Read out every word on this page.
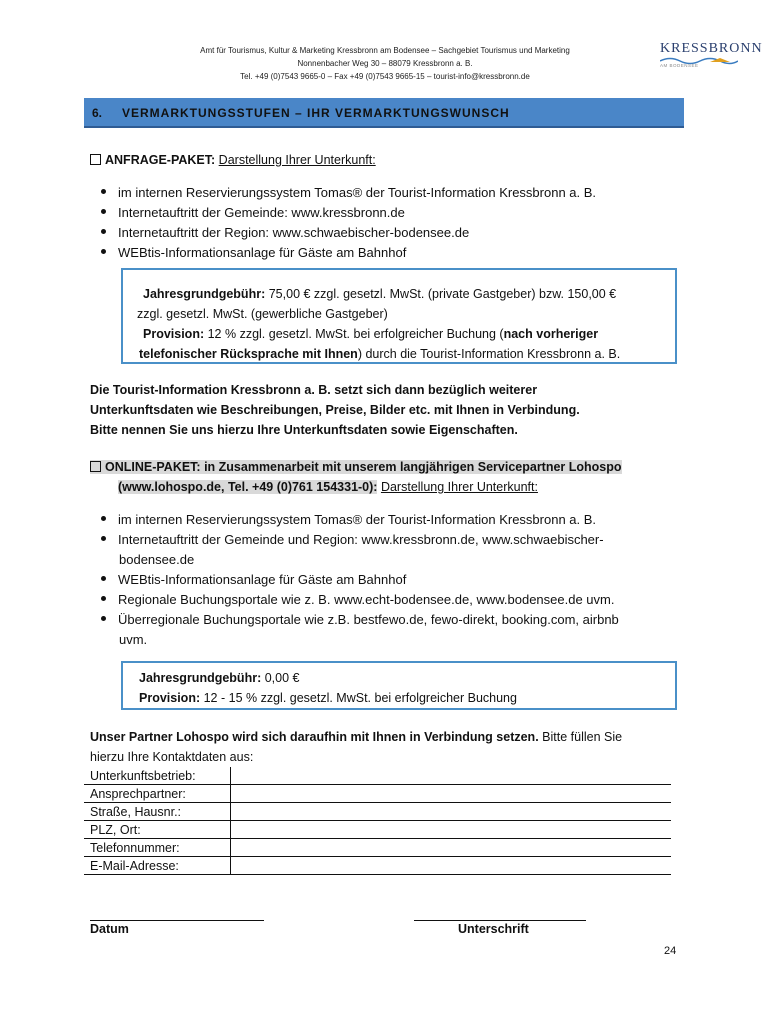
Amt für Tourismus, Kultur & Marketing Kressbronn am Bodensee – Sachgebiet Tourismus und Marketing
Nonnenbacher Weg 30 – 88079 Kressbronn a. B.
Tel. +49 (0)7543 9665-0 – Fax +49 (0)7543 9665-15 – tourist-info@kressbronn.de
KRESSBRONN
AM BODENSEE
6. VERMARKTUNGSSTUFEN – IHR VERMARKTUNGSWUNSCH
ANFRAGE-PAKET: Darstellung Ihrer Unterkunft:
im internen Reservierungssystem Tomas® der Tourist-Information Kressbronn a. B.
Internetauftritt der Gemeinde: www.kressbronn.de
Internetauftritt der Region: www.schwaebischer-bodensee.de
WEBtis-Informationsanlage für Gäste am Bahnhof
Jahresgrundgebühr: 75,00 € zzgl. gesetzl. MwSt. (private Gastgeber) bzw. 150,00 €
zzgl. gesetzl. MwSt. (gewerbliche Gastgeber)
Provision: 12 % zzgl. gesetzl. MwSt. bei erfolgreicher Buchung (nach vorheriger
telefonischer Rücksprache mit Ihnen) durch die Tourist-Information Kressbronn a. B.
Die Tourist-Information Kressbronn a. B. setzt sich dann bezüglich weiterer
Unterkunftsdaten wie Beschreibungen, Preise, Bilder etc. mit Ihnen in Verbindung.
Bitte nennen Sie uns hierzu Ihre Unterkunftsdaten sowie Eigenschaften.
ONLINE-PAKET: in Zusammenarbeit mit unserem langjährigen Servicepartner Lohospo
(www.lohospo.de, Tel. +49 (0)761 154331-0): Darstellung Ihrer Unterkunft:
im internen Reservierungssystem Tomas® der Tourist-Information Kressbronn a. B.
Internetauftritt der Gemeinde und Region: www.kressbronn.de, www.schwaebischer-
bodensee.de
WEBtis-Informationsanlage für Gäste am Bahnhof
Regionale Buchungsportale wie z. B. www.echt-bodensee.de, www.bodensee.de uvm.
Überregionale Buchungsportale wie z.B. bestfewo.de, fewo-direkt, booking.com, airbnb
uvm.
Jahresgrundgebühr: 0,00 €
Provision: 12 - 15 % zzgl. gesetzl. MwSt. bei erfolgreicher Buchung
Unser Partner Lohospo wird sich daraufhin mit Ihnen in Verbindung setzen. Bitte füllen Sie
hierzu Ihre Kontaktdaten aus:
Unterkunftsbetrieb:	
Ansprechpartner:	
Straße, Hausnr.:	
PLZ, Ort:	
Telefonnummer:	
E-Mail-Adresse:	
Datum	Unterschrift
24
